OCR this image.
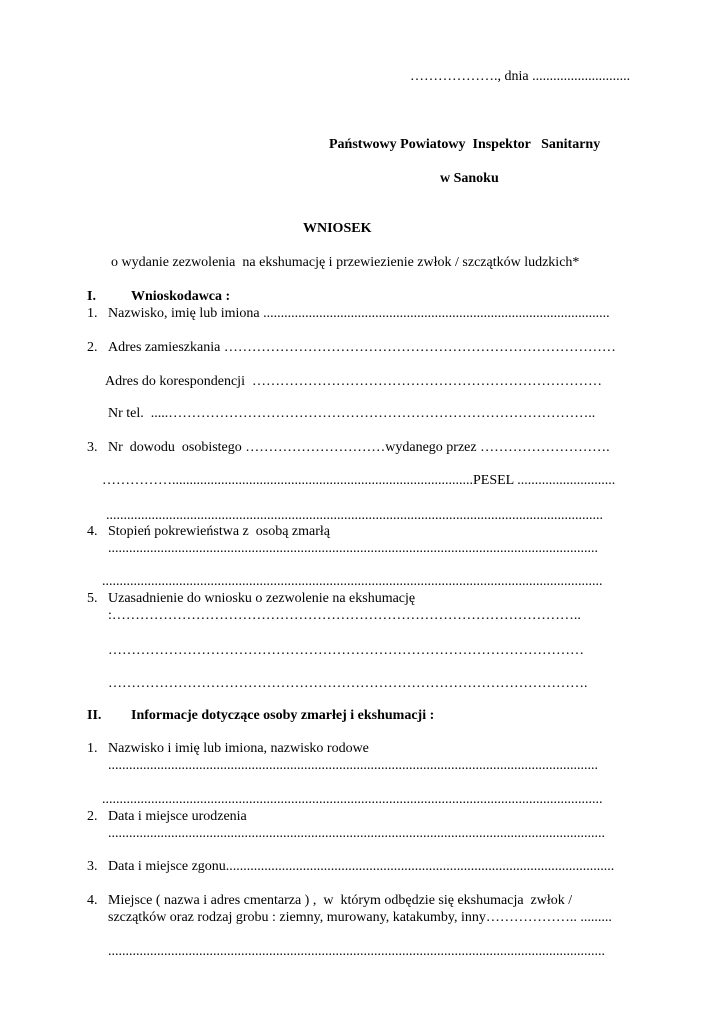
………………., dnia ............................
Państwowy Powiatowy  Inspektor   Sanitarny
w Sanoku
WNIOSEK
o wydanie zezwolenia  na ekshumację i przewiezienie zwłok / szczątków ludzkich*
I.	Wnioskodawca :
1. Nazwisko, imię lub imiona ...................................................................................................
2. Adres zamieszkania …………………………………………………………………………
Adres do korespondencji  …………………………………………………………………
Nr tel.  .....………………………………………………………………………………..
3. Nr  dowodu  osobistego …………………………wydanego przez ……………………….
……………......................................................................................PESEL ............................
..............................................................................................................................................
4. Stopień pokrewieństwa z  osobą zmarłą
............................................................................................................................................
...............................................................................................................................................
5. Uzasadnienie do wniosku o zezwolenie na ekshumację
:………………………………………………………………………………………..
…………………………………………………………………………………………
………………………………………………………………………………………….
II. Informacje dotyczące osoby zmarłej i ekshumacji :
1. Nazwisko i imię lub imiona, nazwisko rodowe
............................................................................................................................................
...............................................................................................................................................
2. Data i miejsce urodzenia
..............................................................................................................................................
3. Data i miejsce zgonu...............................................................................................................
4. Miejsce ( nazwa i adres cmentarza ) ,  w  którym odbędzie się ekshumacja  zwłok /
szczątków oraz rodzaj grobu : ziemny, murowany, katakumby, inny……………….. .........
..............................................................................................................................................
